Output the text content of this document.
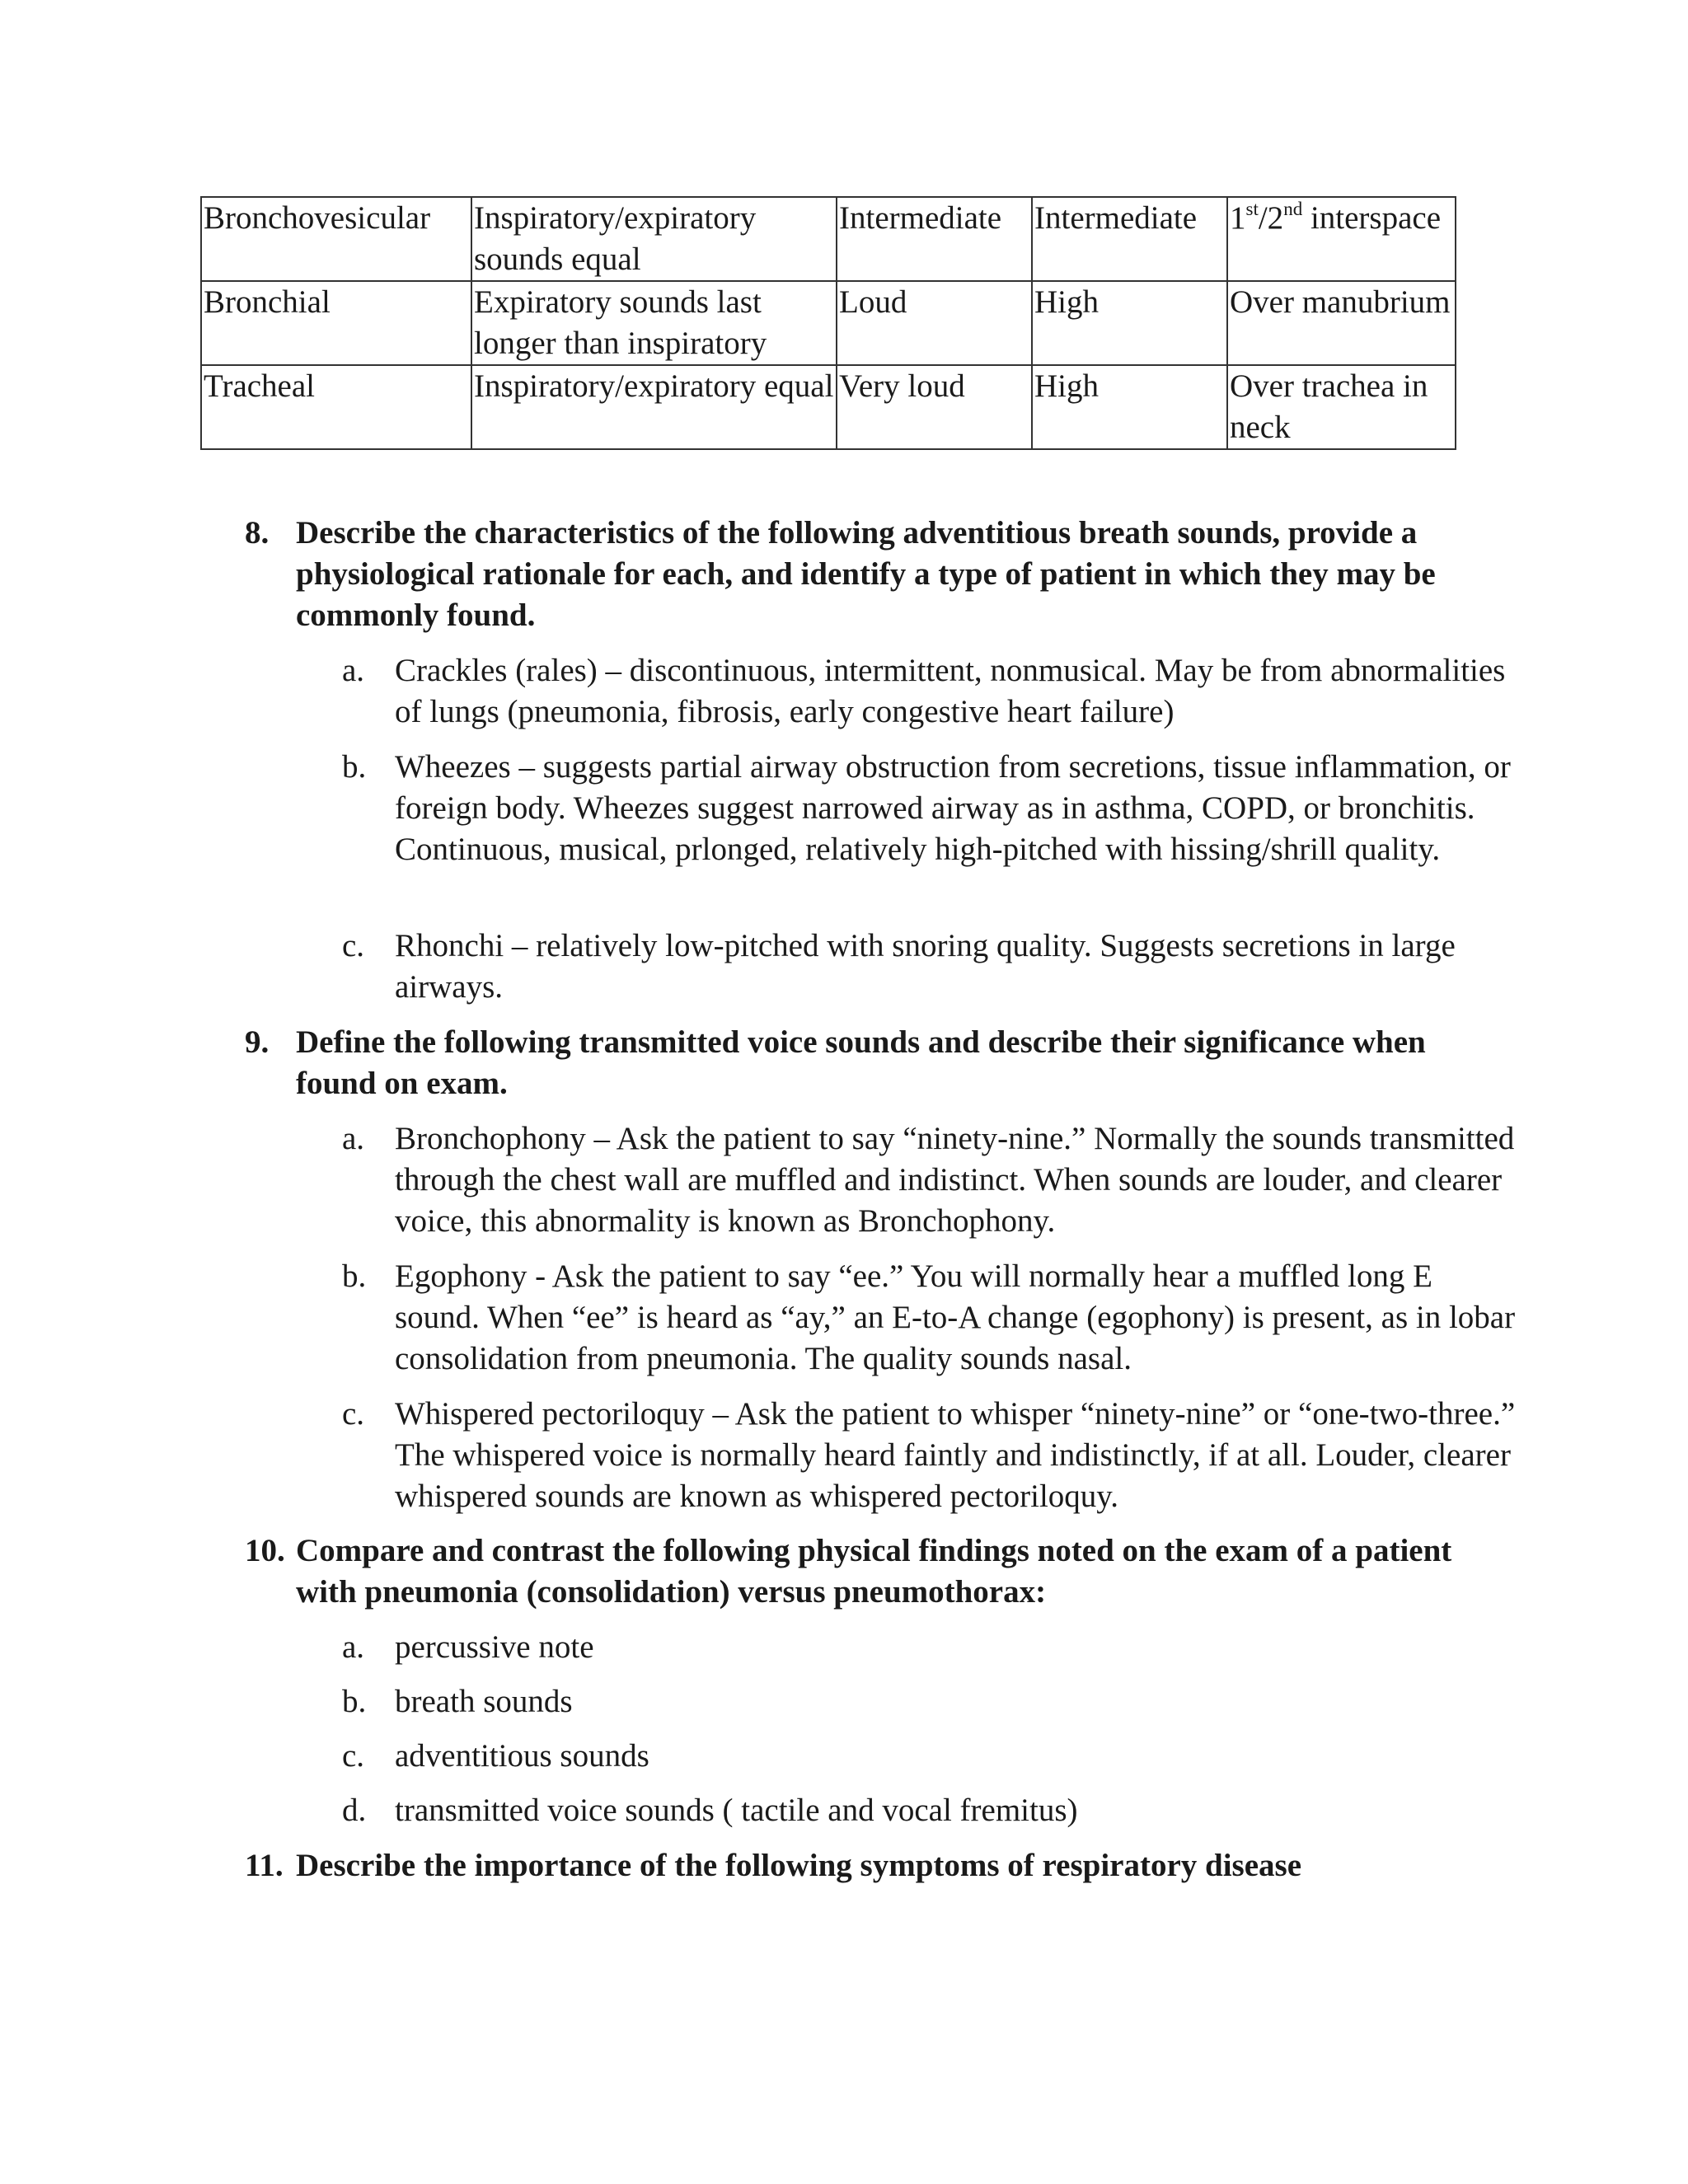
Bronchovesicular	Inspiratory/expiratory sounds equal	Intermediate	Intermediate	1st/2nd interspace
Bronchial	Expiratory sounds last longer than inspiratory	Loud	High	Over manubrium
Tracheal	Inspiratory/expiratory equal	Very loud	High	Over trachea in neck
8. Describe the characteristics of the following adventitious breath sounds, provide a physiological rationale for each, and identify a type of patient in which they may be commonly found.
a. Crackles (rales) – discontinuous, intermittent, nonmusical. May be from abnormalities of lungs (pneumonia, fibrosis, early congestive heart failure)
b. Wheezes – suggests partial airway obstruction from secretions, tissue inflammation, or foreign body. Wheezes suggest narrowed airway as in asthma, COPD, or bronchitis. Continuous, musical, prlonged, relatively high-pitched with hissing/shrill quality.
c. Rhonchi – relatively low-pitched with snoring quality. Suggests secretions in large airways.
9. Define the following transmitted voice sounds and describe their significance when found on exam.
a. Bronchophony – Ask the patient to say “ninety-nine.” Normally the sounds transmitted through the chest wall are muffled and indistinct. When sounds are louder, and clearer voice, this abnormality is known as Bronchophony.
b. Egophony - Ask the patient to say “ee.” You will normally hear a muffled long E sound. When “ee” is heard as “ay,” an E-to-A change (egophony) is present, as in lobar consolidation from pneumonia. The quality sounds nasal.
c. Whispered pectoriloquy – Ask the patient to whisper “ninety-nine” or “one-two-three.” The whispered voice is normally heard faintly and indistinctly, if at all. Louder, clearer whispered sounds are known as whispered pectoriloquy.
10. Compare and contrast the following physical findings noted on the exam of a patient with pneumonia (consolidation) versus pneumothorax:
a. percussive note
b. breath sounds
c. adventitious sounds
d. transmitted voice sounds ( tactile and vocal fremitus)
11. Describe the importance of the following symptoms of respiratory disease
